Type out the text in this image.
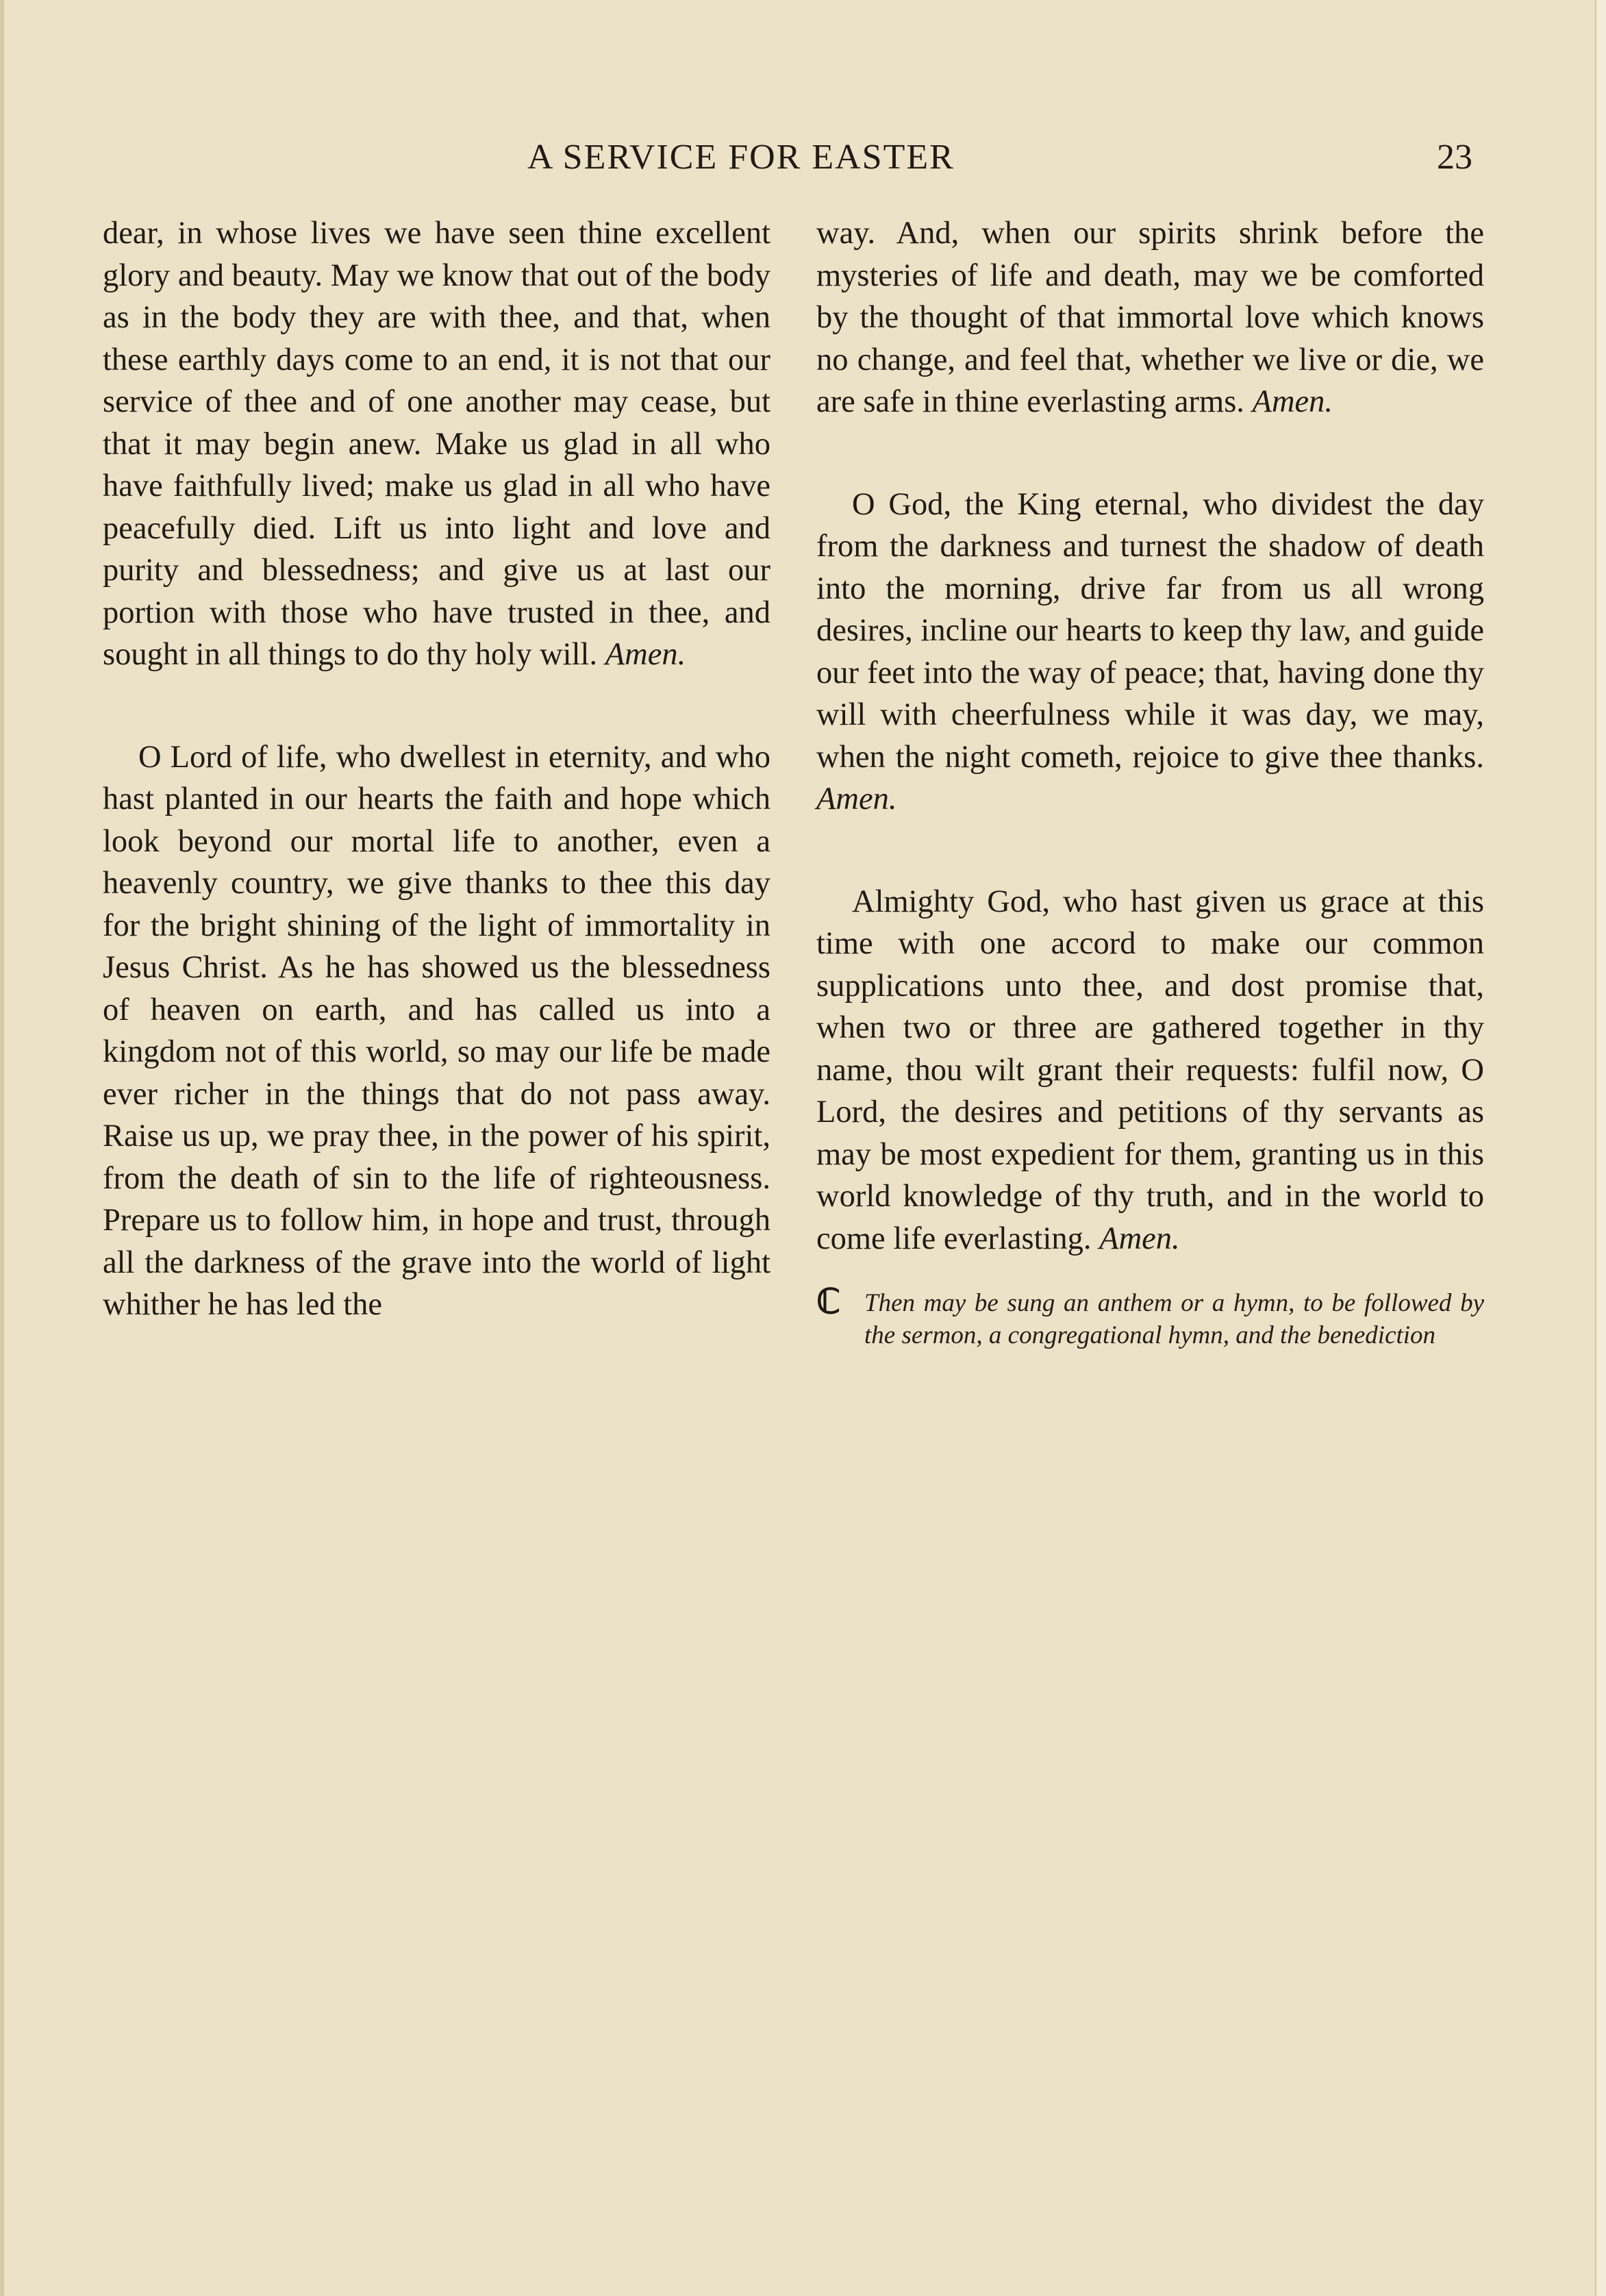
A SERVICE FOR EASTER	23

dear, in whose lives we have seen thine excellent glory and beauty. May we know that out of the body as in the body they are with thee, and that, when these earthly days come to an end, it is not that our service of thee and of one another may cease, but that it may begin anew. Make us glad in all who have faithfully lived; make us glad in all who have peacefully died. Lift us into light and love and purity and blessedness; and give us at last our portion with those who have trusted in thee, and sought in all things to do thy holy will. Amen.

O Lord of life, who dwellest in eternity, and who hast planted in our hearts the faith and hope which look beyond our mortal life to another, even a heavenly country, we give thanks to thee this day for the bright shining of the light of immortality in Jesus Christ. As he has showed us the blessedness of heaven on earth, and has called us into a kingdom not of this world, so may our life be made ever richer in the things that do not pass away. Raise us up, we pray thee, in the power of his spirit, from the death of sin to the life of righteousness. Prepare us to follow him, in hope and trust, through all the darkness of the grave into the world of light whither he has led the

way. And, when our spirits shrink before the mysteries of life and death, may we be comforted by the thought of that immortal love which knows no change, and feel that, whether we live or die, we are safe in thine everlasting arms. Amen.

O God, the King eternal, who dividest the day from the darkness and turnest the shadow of death into the morning, drive far from us all wrong desires, incline our hearts to keep thy law, and guide our feet into the way of peace; that, having done thy will with cheerfulness while it was day, we may, when the night cometh, rejoice to give thee thanks. Amen.

Almighty God, who hast given us grace at this time with one accord to make our common supplications unto thee, and dost promise that, when two or three are gathered together in thy name, thou wilt grant their requests: fulfil now, O Lord, the desires and petitions of thy servants as may be most expedient for them, granting us in this world knowledge of thy truth, and in the world to come life everlasting. Amen.

ℂ Then may be sung an anthem or a hymn, to be followed by the sermon, a congregational hymn, and the benediction
